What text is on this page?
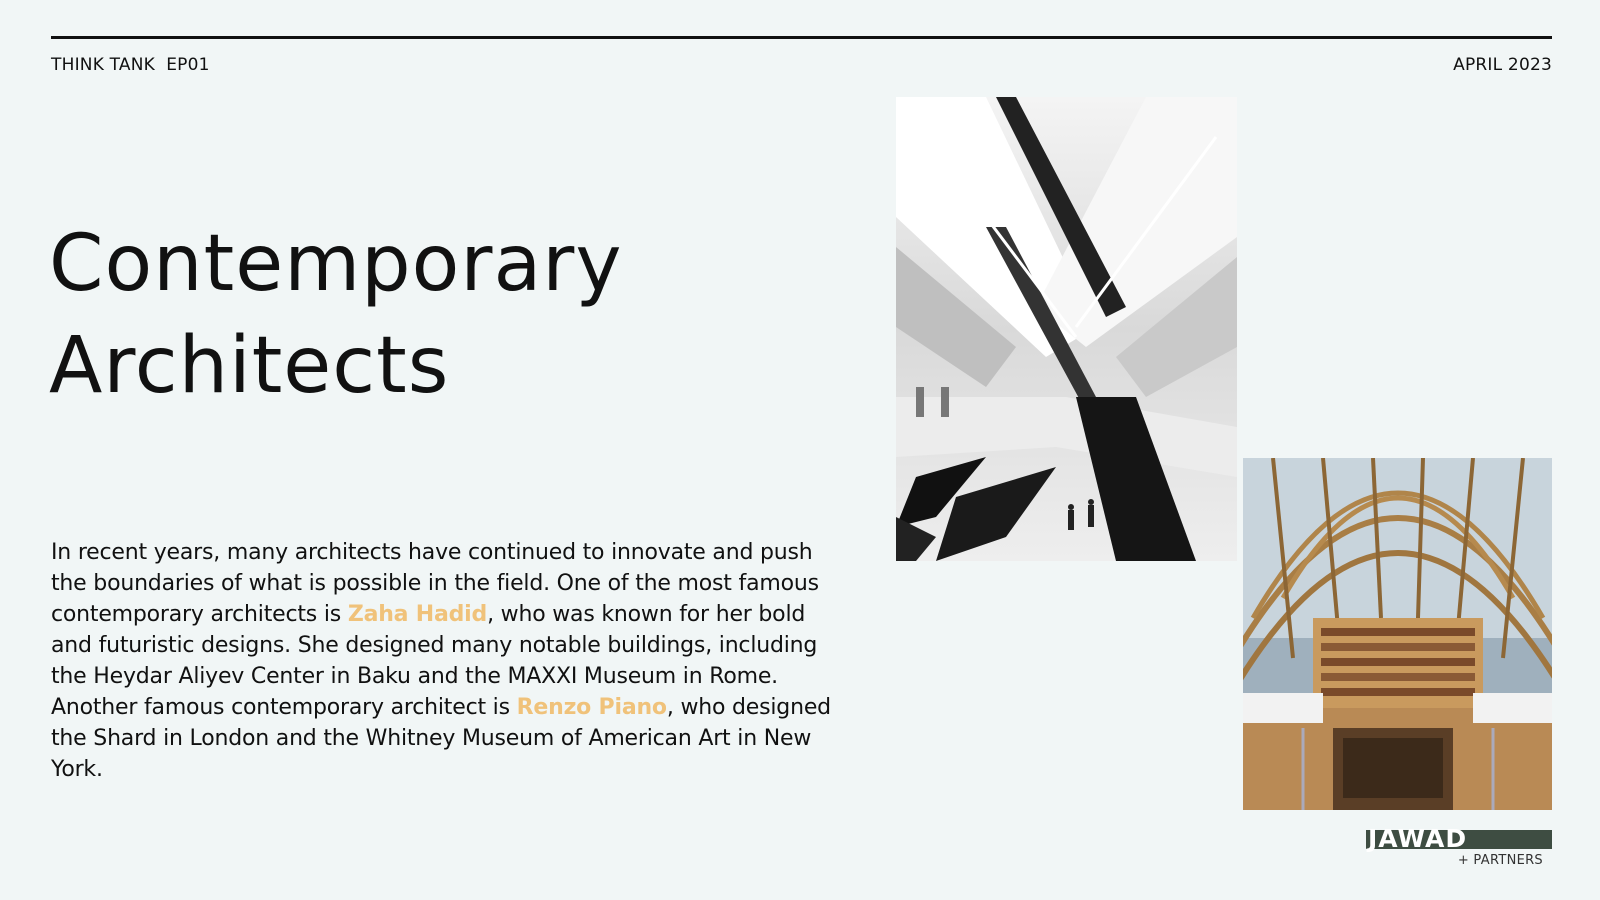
THINK TANK  EP01	APRIL 2023
Contemporary
Architects

In recent years, many architects have continued to innovate and push the boundaries of what is possible in the field. One of the most famous contemporary architects is Zaha Hadid, who was known for her bold and futuristic designs. She designed many notable buildings, including the Heydar Aliyev Center in Baku and the MAXXI Museum in Rome. Another famous contemporary architect is Renzo Piano, who designed the Shard in London and the Whitney Museum of American Art in New York.

JAWAD
+ PARTNERS
